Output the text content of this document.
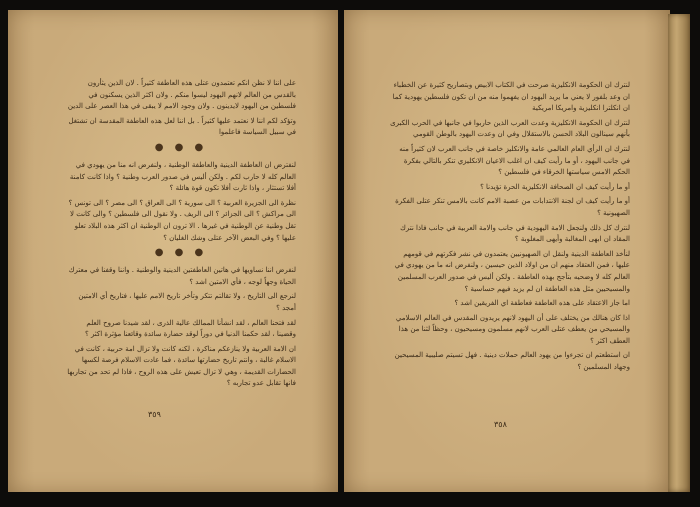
على اننا لا نظن انكم تعتمدون عتلى هذه العاطفة كثيراً . لان الذين يثأرون بالقدس من العالم لانهم اليهود ليسوا منكم . ولان اكثر الذين يسكنون في فلسطين من اليهود لايدينون . ولان وجود الامم لا يبقى في هذا العصر على الدين

وتؤكد لكم اننا لا نعتمد عليها كثيراً . بل اننا لعل هذه العاطفة المقدسة ان تشتغل في سبيل السياسة فاعلموا

● ● ●

لنفترض ان العاطفة الدينية والعاطفة الوطنية ، ولنفرض انه منا من يهودي في العالم كله لا حارب لكم . ولكن أليس في صدور العرب وطنية ؟ واذا كانت كامنة أفلا تستثار ، واذا ثارت أفلا تكون قوة هائلة ؟

نظرة الى الجزيرة العربية ؟ الى سورية ؟ الى العراق ؟ الى مصر ؟ الى تونس ؟ الى مراكش ؟ الى الجزائر ؟ الى الريف . ولا نقول الى فلسطين ؟ والى كانت لا تقل وطنية عن الوطنية في غيرها . الا ترون ان الوطنية ان اكثر هذه البلاد تعلو عليها ؟ وفي البعض الآخر عتلى وشك الغليان ؟

● ● ●

لنفرض اننا نساويها في هاتين العاطفتين الدينية والوطنية . واننا وقفنا في معترك الحياة وجهاً لوجه ، فأي الامتين اشد ؟

لنرجع الى التاريخ ، ولا تقالتم تتكر وتأخر تاريخ الامم عليها ، فتاريخ أي الامتين أمجد ؟

لقد فتحنا العالم ، لقد انشأنا الممالك عالية الذرى ، لقد شيدنا صروح العلم وقضينا ، لقد حكمنا الدنيا في دوراً لوقد حضارة سائدة وقائعنا مؤثرة اكثر ؟

ان الامة العربية ولا ينازعكم مناكرة ، لكنه كانت ولا تزال امة حربية ، كانت في الاسلام غالبة ، وانتم تاريخ حضارتها سائدة ، فما عادت الاسلام فرصة لكسها الحضارات القديمة ، وهي لا تزال تعيش على هذه الروح ، فاذا لم تحد من تجاربها فانها تقابل عدو تجاربه ؟

٣٥٩

لنترك ان الحكومة الانكليزية صرحت في الكتاب الابيض وبتصاريح كثيرة عن الخطباء ان وعد بلفور لا يعني ما يريد اليهود ان يفهموا منه من ان تكون فلسطين يهودية كما ان انكلترا انكليزية وامريكا امريكية

لنترك ان الحكومة الانكليزية وعدت العرب الذين حاربوا في جانبها في الحرب الكبرى بأنهم سينالون البلاد الحسن بالاستقلال وفي ان وعدت اليهود بالوطن القومي

لنترك ان الرأي العام العالمي عامة والانكليز خاصة في جانب العرب لان كثيراً منه في جانب اليهود ، أو ما رأيت كيف ان اغلب الاعيان الانكليزي تنكر بالتالي بفكرة الحكم الامس سياستها الخرقاء في فلسطين ؟

أو ما رأيت كيف ان الصحافة الانكليزية الحرة تؤيدنا ؟

أو ما رأيت كيف ان لجنة الانتدابات من عصبة الامم كانت بالامس تنكر عتلى الفكرة الصهيونية ؟

لنترك كل ذلك ولنجعل الامة اليهودية في جانب والامة العربية في جانب فاذا نترك المقاد ان ابهى المغالبة وأيهى المغلوبة ؟

لنأخذ العاطفة الدينية ولنقل ان الصهيونيين يعتمدون في نشر فكرتهم في قومهم عليها ، فمن العتقاد منهم ان من اولاد الذين حيسين ، ولنفرض انه ما من يهودي في العالم كله لا وضحيه بتأجج بهذه العاطفة . ولكن أليس في صدور العرب المسلمين والمسيحيين مثل هذه العاطفة ان لم يزيد فيهم حساسية ؟

اما جاز الاعتقاد على هذه العاطفة فعاطفة اي الفريقين اشد ؟

اذا كان هنالك من يختلف على أن اليهود لانهم يريدون المقدس في العالم الاسلامي والمسيحي من يعطف عتلى العرب لانهم مسلمون ومسيحيون ، وحظاً لثنا من هذا العطف اكثر ؟

ان استطعتم ان تجرءوا من يهود العالم حملات دينية . فهل تسيتم صليبية المسيحين وجهاد المسلمين ؟

٣٥٨
